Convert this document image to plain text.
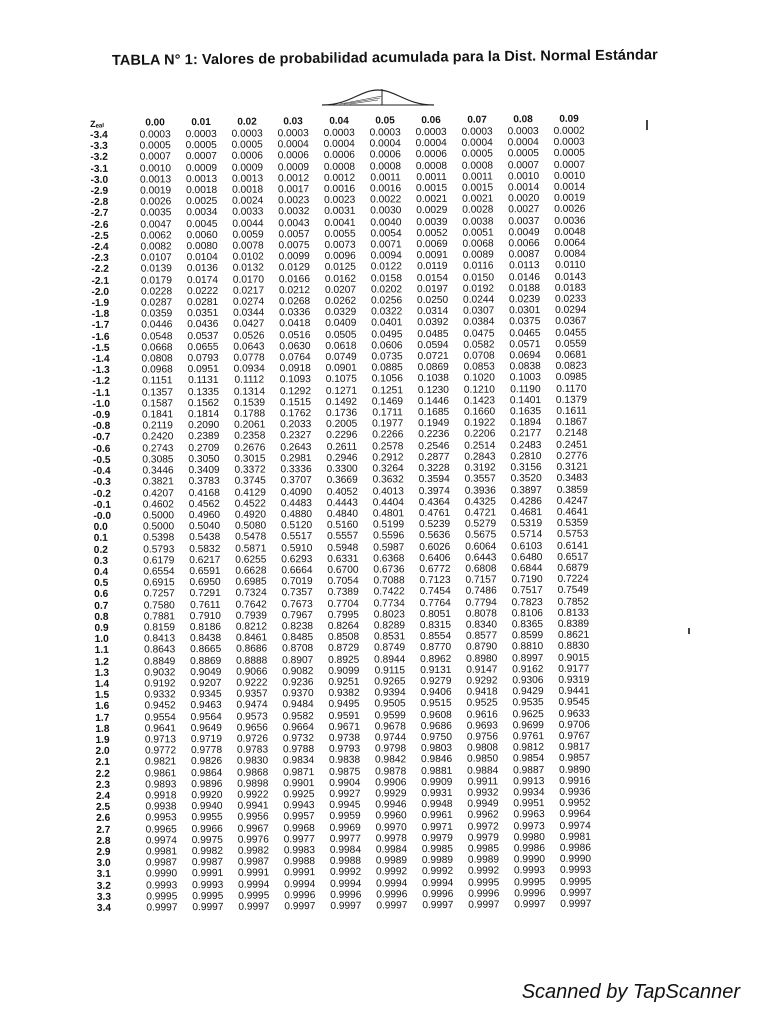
TABLA N° 1: Valores de probabilidad acumulada para la Dist. Normal Estándar
Zₑₐₗ	0.00	0.01	0.02	0.03	0.04	0.05	0.06	0.07	0.08	0.09
-3.4	0.0003	0.0003	0.0003	0.0003	0.0003	0.0003	0.0003	0.0003	0.0003	0.0002
-3.3	0.0005	0.0005	0.0005	0.0004	0.0004	0.0004	0.0004	0.0004	0.0004	0.0003
-3.2	0.0007	0.0007	0.0006	0.0006	0.0006	0.0006	0.0006	0.0005	0.0005	0.0005
-3.1	0.0010	0.0009	0.0009	0.0009	0.0008	0.0008	0.0008	0.0008	0.0007	0.0007
-3.0	0.0013	0.0013	0.0013	0.0012	0.0012	0.0011	0.0011	0.0011	0.0010	0.0010
-2.9	0.0019	0.0018	0.0018	0.0017	0.0016	0.0016	0.0015	0.0015	0.0014	0.0014
-2.8	0.0026	0.0025	0.0024	0.0023	0.0023	0.0022	0.0021	0.0021	0.0020	0.0019
-2.7	0.0035	0.0034	0.0033	0.0032	0.0031	0.0030	0.0029	0.0028	0.0027	0.0026
-2.6	0.0047	0.0045	0.0044	0.0043	0.0041	0.0040	0.0039	0.0038	0.0037	0.0036
-2.5	0.0062	0.0060	0.0059	0.0057	0.0055	0.0054	0.0052	0.0051	0.0049	0.0048
-2.4	0.0082	0.0080	0.0078	0.0075	0.0073	0.0071	0.0069	0.0068	0.0066	0.0064
-2.3	0.0107	0.0104	0.0102	0.0099	0.0096	0.0094	0.0091	0.0089	0.0087	0.0084
-2.2	0.0139	0.0136	0.0132	0.0129	0.0125	0.0122	0.0119	0.0116	0.0113	0.0110
-2.1	0.0179	0.0174	0.0170	0.0166	0.0162	0.0158	0.0154	0.0150	0.0146	0.0143
-2.0	0.0228	0.0222	0.0217	0.0212	0.0207	0.0202	0.0197	0.0192	0.0188	0.0183
-1.9	0.0287	0.0281	0.0274	0.0268	0.0262	0.0256	0.0250	0.0244	0.0239	0.0233
-1.8	0.0359	0.0351	0.0344	0.0336	0.0329	0.0322	0.0314	0.0307	0.0301	0.0294
-1.7	0.0446	0.0436	0.0427	0.0418	0.0409	0.0401	0.0392	0.0384	0.0375	0.0367
-1.6	0.0548	0.0537	0.0526	0.0516	0.0505	0.0495	0.0485	0.0475	0.0465	0.0455
-1.5	0.0668	0.0655	0.0643	0.0630	0.0618	0.0606	0.0594	0.0582	0.0571	0.0559
-1.4	0.0808	0.0793	0.0778	0.0764	0.0749	0.0735	0.0721	0.0708	0.0694	0.0681
-1.3	0.0968	0.0951	0.0934	0.0918	0.0901	0.0885	0.0869	0.0853	0.0838	0.0823
-1.2	0.1151	0.1131	0.1112	0.1093	0.1075	0.1056	0.1038	0.1020	0.1003	0.0985
-1.1	0.1357	0.1335	0.1314	0.1292	0.1271	0.1251	0.1230	0.1210	0.1190	0.1170
-1.0	0.1587	0.1562	0.1539	0.1515	0.1492	0.1469	0.1446	0.1423	0.1401	0.1379
-0.9	0.1841	0.1814	0.1788	0.1762	0.1736	0.1711	0.1685	0.1660	0.1635	0.1611
-0.8	0.2119	0.2090	0.2061	0.2033	0.2005	0.1977	0.1949	0.1922	0.1894	0.1867
-0.7	0.2420	0.2389	0.2358	0.2327	0.2296	0.2266	0.2236	0.2206	0.2177	0.2148
-0.6	0.2743	0.2709	0.2676	0.2643	0.2611	0.2578	0.2546	0.2514	0.2483	0.2451
-0.5	0.3085	0.3050	0.3015	0.2981	0.2946	0.2912	0.2877	0.2843	0.2810	0.2776
-0.4	0.3446	0.3409	0.3372	0.3336	0.3300	0.3264	0.3228	0.3192	0.3156	0.3121
-0.3	0.3821	0.3783	0.3745	0.3707	0.3669	0.3632	0.3594	0.3557	0.3520	0.3483
-0.2	0.4207	0.4168	0.4129	0.4090	0.4052	0.4013	0.3974	0.3936	0.3897	0.3859
-0.1	0.4602	0.4562	0.4522	0.4483	0.4443	0.4404	0.4364	0.4325	0.4286	0.4247
-0.0	0.5000	0.4960	0.4920	0.4880	0.4840	0.4801	0.4761	0.4721	0.4681	0.4641
0.0	0.5000	0.5040	0.5080	0.5120	0.5160	0.5199	0.5239	0.5279	0.5319	0.5359
0.1	0.5398	0.5438	0.5478	0.5517	0.5557	0.5596	0.5636	0.5675	0.5714	0.5753
0.2	0.5793	0.5832	0.5871	0.5910	0.5948	0.5987	0.6026	0.6064	0.6103	0.6141
0.3	0.6179	0.6217	0.6255	0.6293	0.6331	0.6368	0.6406	0.6443	0.6480	0.6517
0.4	0.6554	0.6591	0.6628	0.6664	0.6700	0.6736	0.6772	0.6808	0.6844	0.6879
0.5	0.6915	0.6950	0.6985	0.7019	0.7054	0.7088	0.7123	0.7157	0.7190	0.7224
0.6	0.7257	0.7291	0.7324	0.7357	0.7389	0.7422	0.7454	0.7486	0.7517	0.7549
0.7	0.7580	0.7611	0.7642	0.7673	0.7704	0.7734	0.7764	0.7794	0.7823	0.7852
0.8	0.7881	0.7910	0.7939	0.7967	0.7995	0.8023	0.8051	0.8078	0.8106	0.8133
0.9	0.8159	0.8186	0.8212	0.8238	0.8264	0.8289	0.8315	0.8340	0.8365	0.8389
1.0	0.8413	0.8438	0.8461	0.8485	0.8508	0.8531	0.8554	0.8577	0.8599	0.8621
1.1	0.8643	0.8665	0.8686	0.8708	0.8729	0.8749	0.8770	0.8790	0.8810	0.8830
1.2	0.8849	0.8869	0.8888	0.8907	0.8925	0.8944	0.8962	0.8980	0.8997	0.9015
1.3	0.9032	0.9049	0.9066	0.9082	0.9099	0.9115	0.9131	0.9147	0.9162	0.9177
1.4	0.9192	0.9207	0.9222	0.9236	0.9251	0.9265	0.9279	0.9292	0.9306	0.9319
1.5	0.9332	0.9345	0.9357	0.9370	0.9382	0.9394	0.9406	0.9418	0.9429	0.9441
1.6	0.9452	0.9463	0.9474	0.9484	0.9495	0.9505	0.9515	0.9525	0.9535	0.9545
1.7	0.9554	0.9564	0.9573	0.9582	0.9591	0.9599	0.9608	0.9616	0.9625	0.9633
1.8	0.9641	0.9649	0.9656	0.9664	0.9671	0.9678	0.9686	0.9693	0.9699	0.9706
1.9	0.9713	0.9719	0.9726	0.9732	0.9738	0.9744	0.9750	0.9756	0.9761	0.9767
2.0	0.9772	0.9778	0.9783	0.9788	0.9793	0.9798	0.9803	0.9808	0.9812	0.9817
2.1	0.9821	0.9826	0.9830	0.9834	0.9838	0.9842	0.9846	0.9850	0.9854	0.9857
2.2	0.9861	0.9864	0.9868	0.9871	0.9875	0.9878	0.9881	0.9884	0.9887	0.9890
2.3	0.9893	0.9896	0.9898	0.9901	0.9904	0.9906	0.9909	0.9911	0.9913	0.9916
2.4	0.9918	0.9920	0.9922	0.9925	0.9927	0.9929	0.9931	0.9932	0.9934	0.9936
2.5	0.9938	0.9940	0.9941	0.9943	0.9945	0.9946	0.9948	0.9949	0.9951	0.9952
2.6	0.9953	0.9955	0.9956	0.9957	0.9959	0.9960	0.9961	0.9962	0.9963	0.9964
2.7	0.9965	0.9966	0.9967	0.9968	0.9969	0.9970	0.9971	0.9972	0.9973	0.9974
2.8	0.9974	0.9975	0.9976	0.9977	0.9977	0.9978	0.9979	0.9979	0.9980	0.9981
2.9	0.9981	0.9982	0.9982	0.9983	0.9984	0.9984	0.9985	0.9985	0.9986	0.9986
3.0	0.9987	0.9987	0.9987	0.9988	0.9988	0.9989	0.9989	0.9989	0.9990	0.9990
3.1	0.9990	0.9991	0.9991	0.9991	0.9992	0.9992	0.9992	0.9992	0.9993	0.9993
3.2	0.9993	0.9993	0.9994	0.9994	0.9994	0.9994	0.9994	0.9995	0.9995	0.9995
3.3	0.9995	0.9995	0.9995	0.9996	0.9996	0.9996	0.9996	0.9996	0.9996	0.9997
3.4	0.9997	0.9997	0.9997	0.9997	0.9997	0.9997	0.9997	0.9997	0.9997	0.9997
Scanned by TapScanner
